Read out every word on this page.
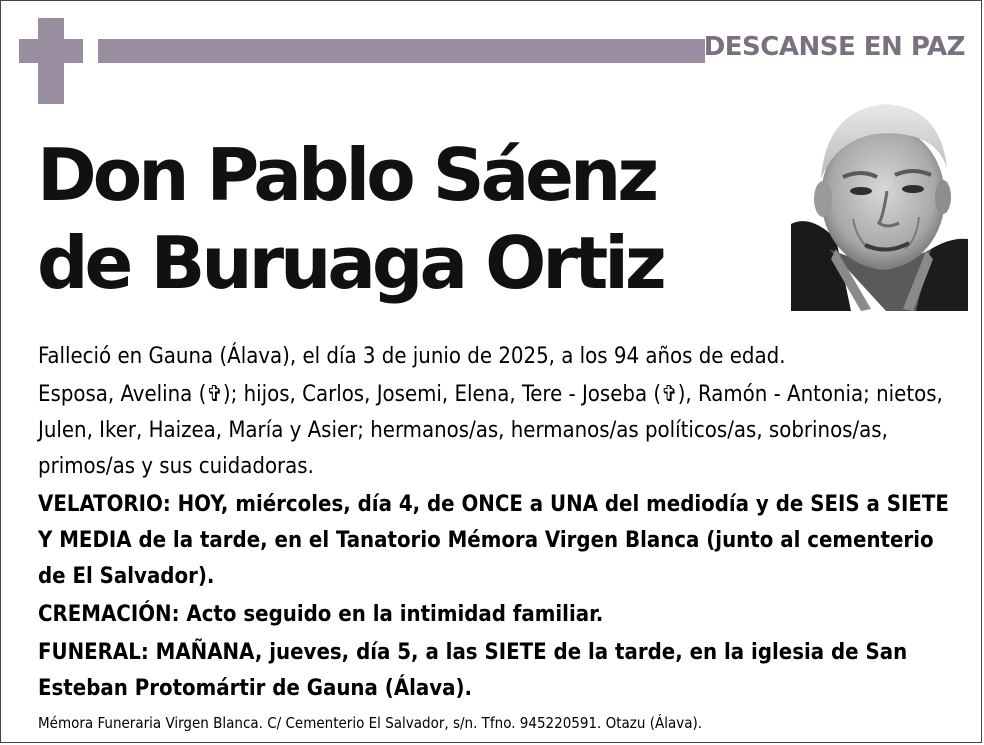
DESCANSE EN PAZ
Don Pablo Sáenz
de Buruaga Ortiz

Falleció en Gauna (Álava), el día 3 de junio de 2025, a los 94 años de edad.

Esposa, Avelina (✞); hijos, Carlos, Josemi, Elena, Tere - Joseba (✞), Ramón - Antonia; nietos, Julen, Iker, Haizea, María y Asier; hermanos/as, hermanos/as políticos/as, sobrinos/as, primos/as y sus cuidadoras.

VELATORIO: HOY, miércoles, día 4, de ONCE a UNA del mediodía y de SEIS a SIETE Y MEDIA de la tarde, en el Tanatorio Mémora Virgen Blanca (junto al cementerio de El Salvador).

CREMACIÓN: Acto seguido en la intimidad familiar.

FUNERAL: MAÑANA, jueves, día 5, a las SIETE de la tarde, en la iglesia de San Esteban Protomártir de Gauna (Álava).

Mémora Funeraria Virgen Blanca. C/ Cementerio El Salvador, s/n. Tfno. 945220591. Otazu (Álava).
